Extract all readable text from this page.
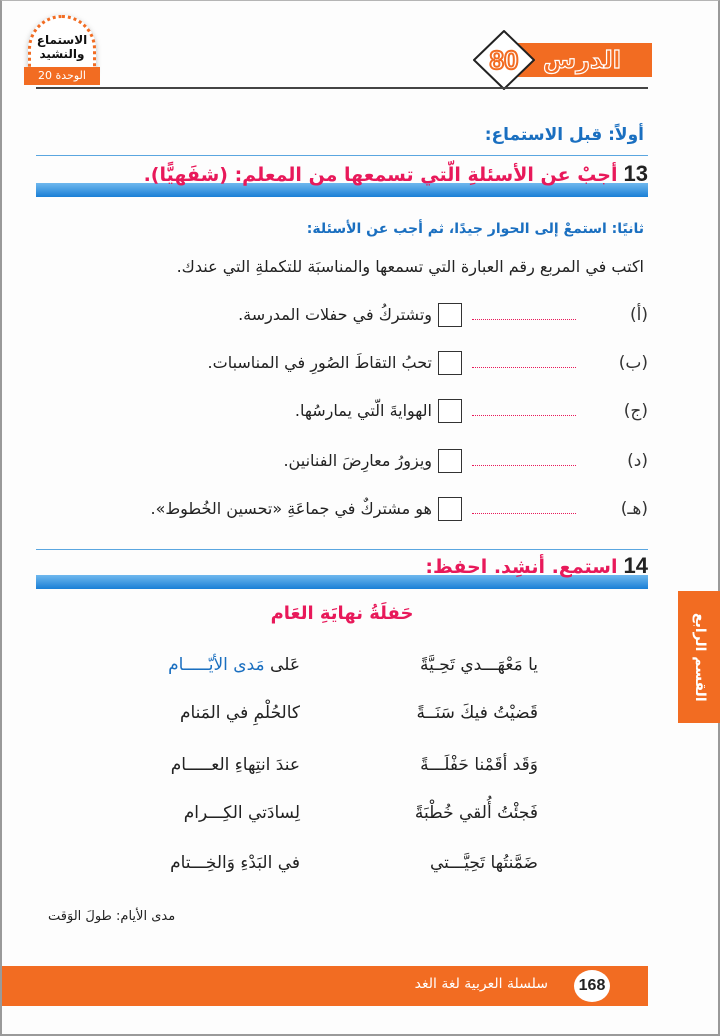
الاستماع
والنشيد
الوحدة 20
الدرس
80
أولاً: قبل الاستماع:
13أجبْ عن الأسئلةِ الّتي تسمعها من المعلم: (شفَهيًّا).
ثانيًا: استمعْ إلى الحوار جيدًا، ثم أجب عن الأسئلة:
اكتب في المربع رقم العبارة التي تسمعها والمناسبَة للتكملةِ التي عندك.
(أ)
وتشتركُ في حفلات المدرسة.
(ب)
تحبُ التقاطَ الصُورِ في المناسبات.
(ج)
الهوايةَ الّتي يمارسُها.
(د)
ويزورُ معارِضَ الفنانين.
(هـ)
هو مشتركٌ في جماعَةِ «تحسين الخُطوط».
14استمع. أنشِد. احفظ:
حَفلَةُ نهايَةِ العَام
يا مَعْهَـــدي تَحِـيَّةً
عَلى مَدى الأيّـــــام
قَضيْتُ فيكَ سَنَــةً
كالحُلْمِ في المَنام
وَقَد أقَمْنا حَفْلَـــةً
عندَ انتِهاءِ العـــــام
فَجئْتُ أُلقي خُطْبَةً
لِسادَتي الكِـــرام
ضَمَّنتُها تَحِيَّـــتي
في البَدْءِ وَالخِـــتام
مدى الأيام: طولَ الوَقت
القسم الرابع
168
سلسلة العربية لغة الغد
